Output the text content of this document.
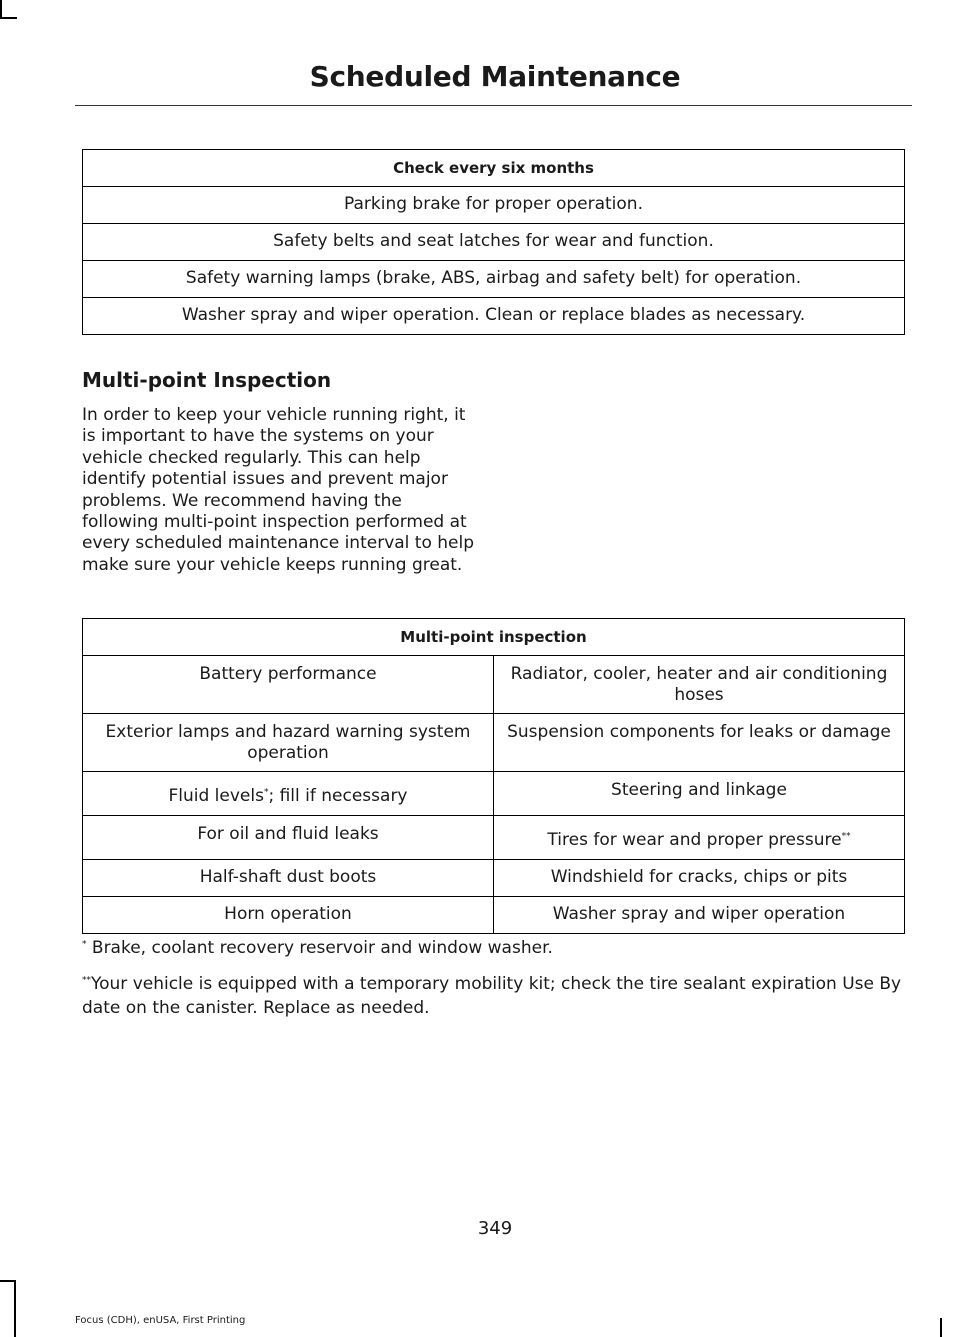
Scheduled Maintenance
Check every six months
Parking brake for proper operation.
Safety belts and seat latches for wear and function.
Safety warning lamps (brake, ABS, airbag and safety belt) for operation.
Washer spray and wiper operation. Clean or replace blades as necessary.
Multi-point Inspection

In order to keep your vehicle running right, it is important to have the systems on your vehicle checked regularly. This can help identify potential issues and prevent major problems. We recommend having the following multi-point inspection performed at every scheduled maintenance interval to help make sure your vehicle keeps running great.

Multi-point inspection	
Battery performance	Radiator, cooler, heater and air conditioning hoses
Exterior lamps and hazard warning system operation	Suspension components for leaks or damage
Fluid levels*; fill if necessary	Steering and linkage
For oil and fluid leaks	Tires for wear and proper pressure**
Half-shaft dust boots	Windshield for cracks, chips or pits
Horn operation	Washer spray and wiper operation

* Brake, coolant recovery reservoir and window washer.

**Your vehicle is equipped with a temporary mobility kit; check the tire sealant expiration Use By date on the canister. Replace as needed.

349
Focus (CDH), enUSA, First Printing
